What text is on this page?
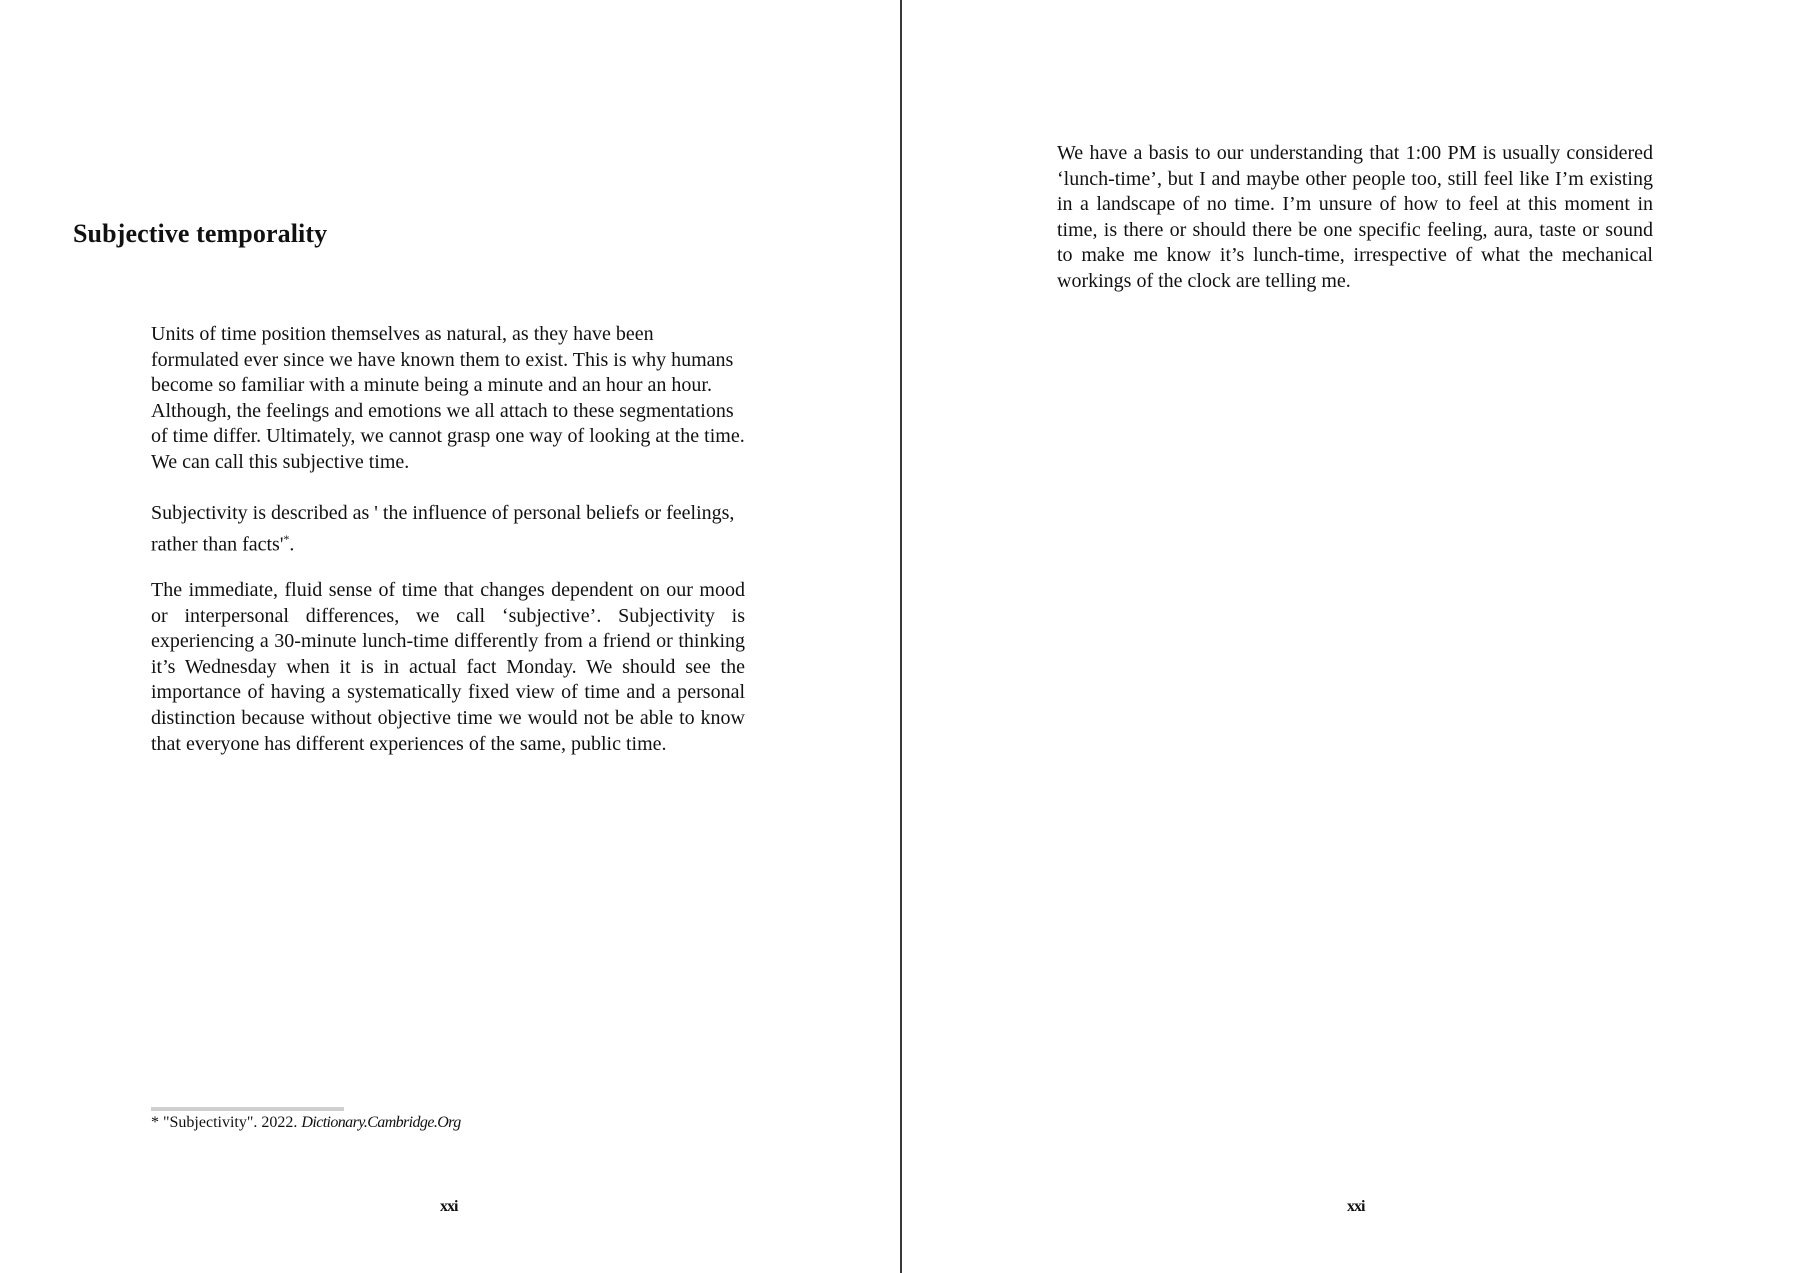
Subjective temporality

Units of time position themselves as natural, as they have been formulated ever since we have known them to exist. This is why humans become so familiar with a minute being a minute and an hour an hour. Although, the feelings and emotions we all attach to these segmentations of time differ. Ultimately, we cannot grasp one way of looking at the time. We can call this subjective time.

Subjectivity is described as ' the influence of personal beliefs or feelings, rather than facts'*.

The immediate, fluid sense of time that changes dependent on our mood or interpersonal differences, we call ‘subjective’. Subjectivity is experiencing a 30-minute lunch-time differently from a friend or thinking it’s Wednesday when it is in actual fact Monday. We should see the importance of having a systematically fixed view of time and a personal distinction because without objective time we would not be able to know that everyone has different experiences of the same, public time.

* "Subjectivity". 2022. Dictionary.Cambridge.Org

xxi

We have a basis to our understanding that 1:00 PM is usually considered ‘lunch-time’, but I and maybe other people too, still feel like I’m existing in a landscape of no time. I’m unsure of how to feel at this moment in time, is there or should there be one specific feeling, aura, taste or sound to make me know it’s lunch-time, irrespective of what the mechanical workings of the clock are telling me.

xxi
